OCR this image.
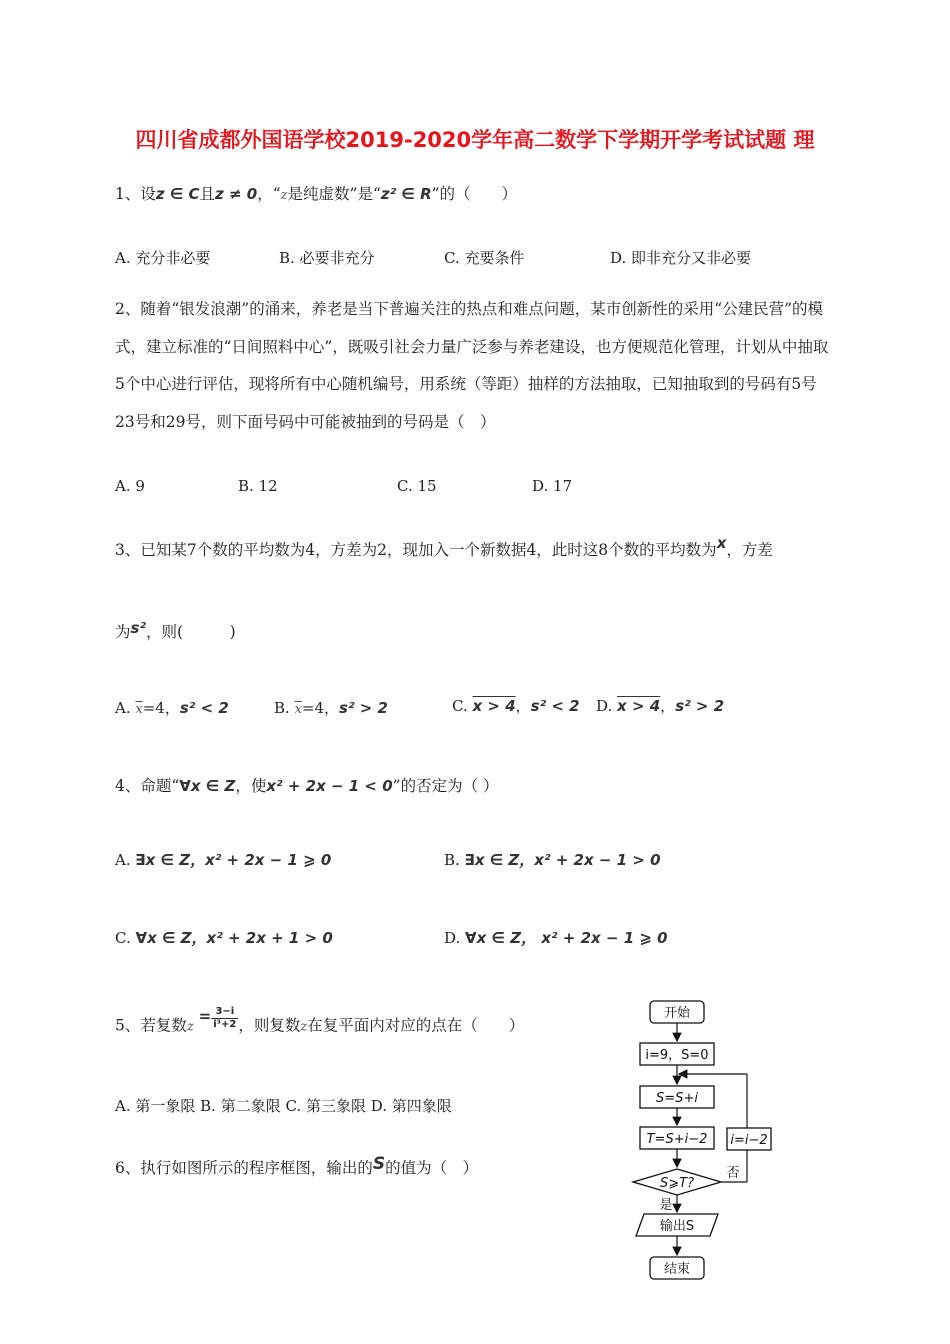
四川省成都外国语学校2019-2020学年高二数学下学期开学考试试题 理
1、设z ∈ C且z ≠ 0，“z是纯虚数”是“z² ∈ R”的（　　）
A. 充分非必要	B. 必要非充分	C. 充要条件	D. 即非充分又非必要
2、随着“银发浪潮”的涌来，养老是当下普遍关注的热点和难点问题，某市创新性的采用“公建民营”的模式，建立标准的“日间照料中心”，既吸引社会力量广泛参与养老建设，也方便规范化管理，计划从中抽取5个中心进行评估，现将所有中心随机编号，用系统（等距）抽样的方法抽取，已知抽取到的号码有5号23号和29号，则下面号码中可能被抽到的号码是（　）
A. 9	B. 12	C. 15	D. 17
3、已知某7个数的平均数为4，方差为2，现加入一个新数据4，此时这8个数的平均数为x，方差
为s²，则(　　　)
A. $\overline{x}=4$，s² < 2	B. $\overline{x}=4$，s² > 2	C. x > 4，s² < 2 D. x > 4，s² > 2
4、命题“∀x ∈ Z，使x² + 2x − 1 < 0”的否定为（ ）
A. ∃x ∈ Z，x² + 2x − 1 ⩾ 0	B. ∃x ∈ Z，x² + 2x − 1 > 0
C. ∀x ∈ Z，x² + 2x + 1 > 0	D. ∀x ∈ Z， x² + 2x − 1 ⩾ 0
5、若复数$z = \frac{3-i}{\text{i³+2}}$ ，则复数z在复平面内对应的点在（　　）
A. 第一象限 B. 第二象限 C. 第三象限 D. 第四象限
6、执行如图所示的程序框图，输出的S的值为（　）
开始
i=9，S=0
S=S+i
T=S+i−2
S⩾T?
否
i=i−2
是
输出S
结束
